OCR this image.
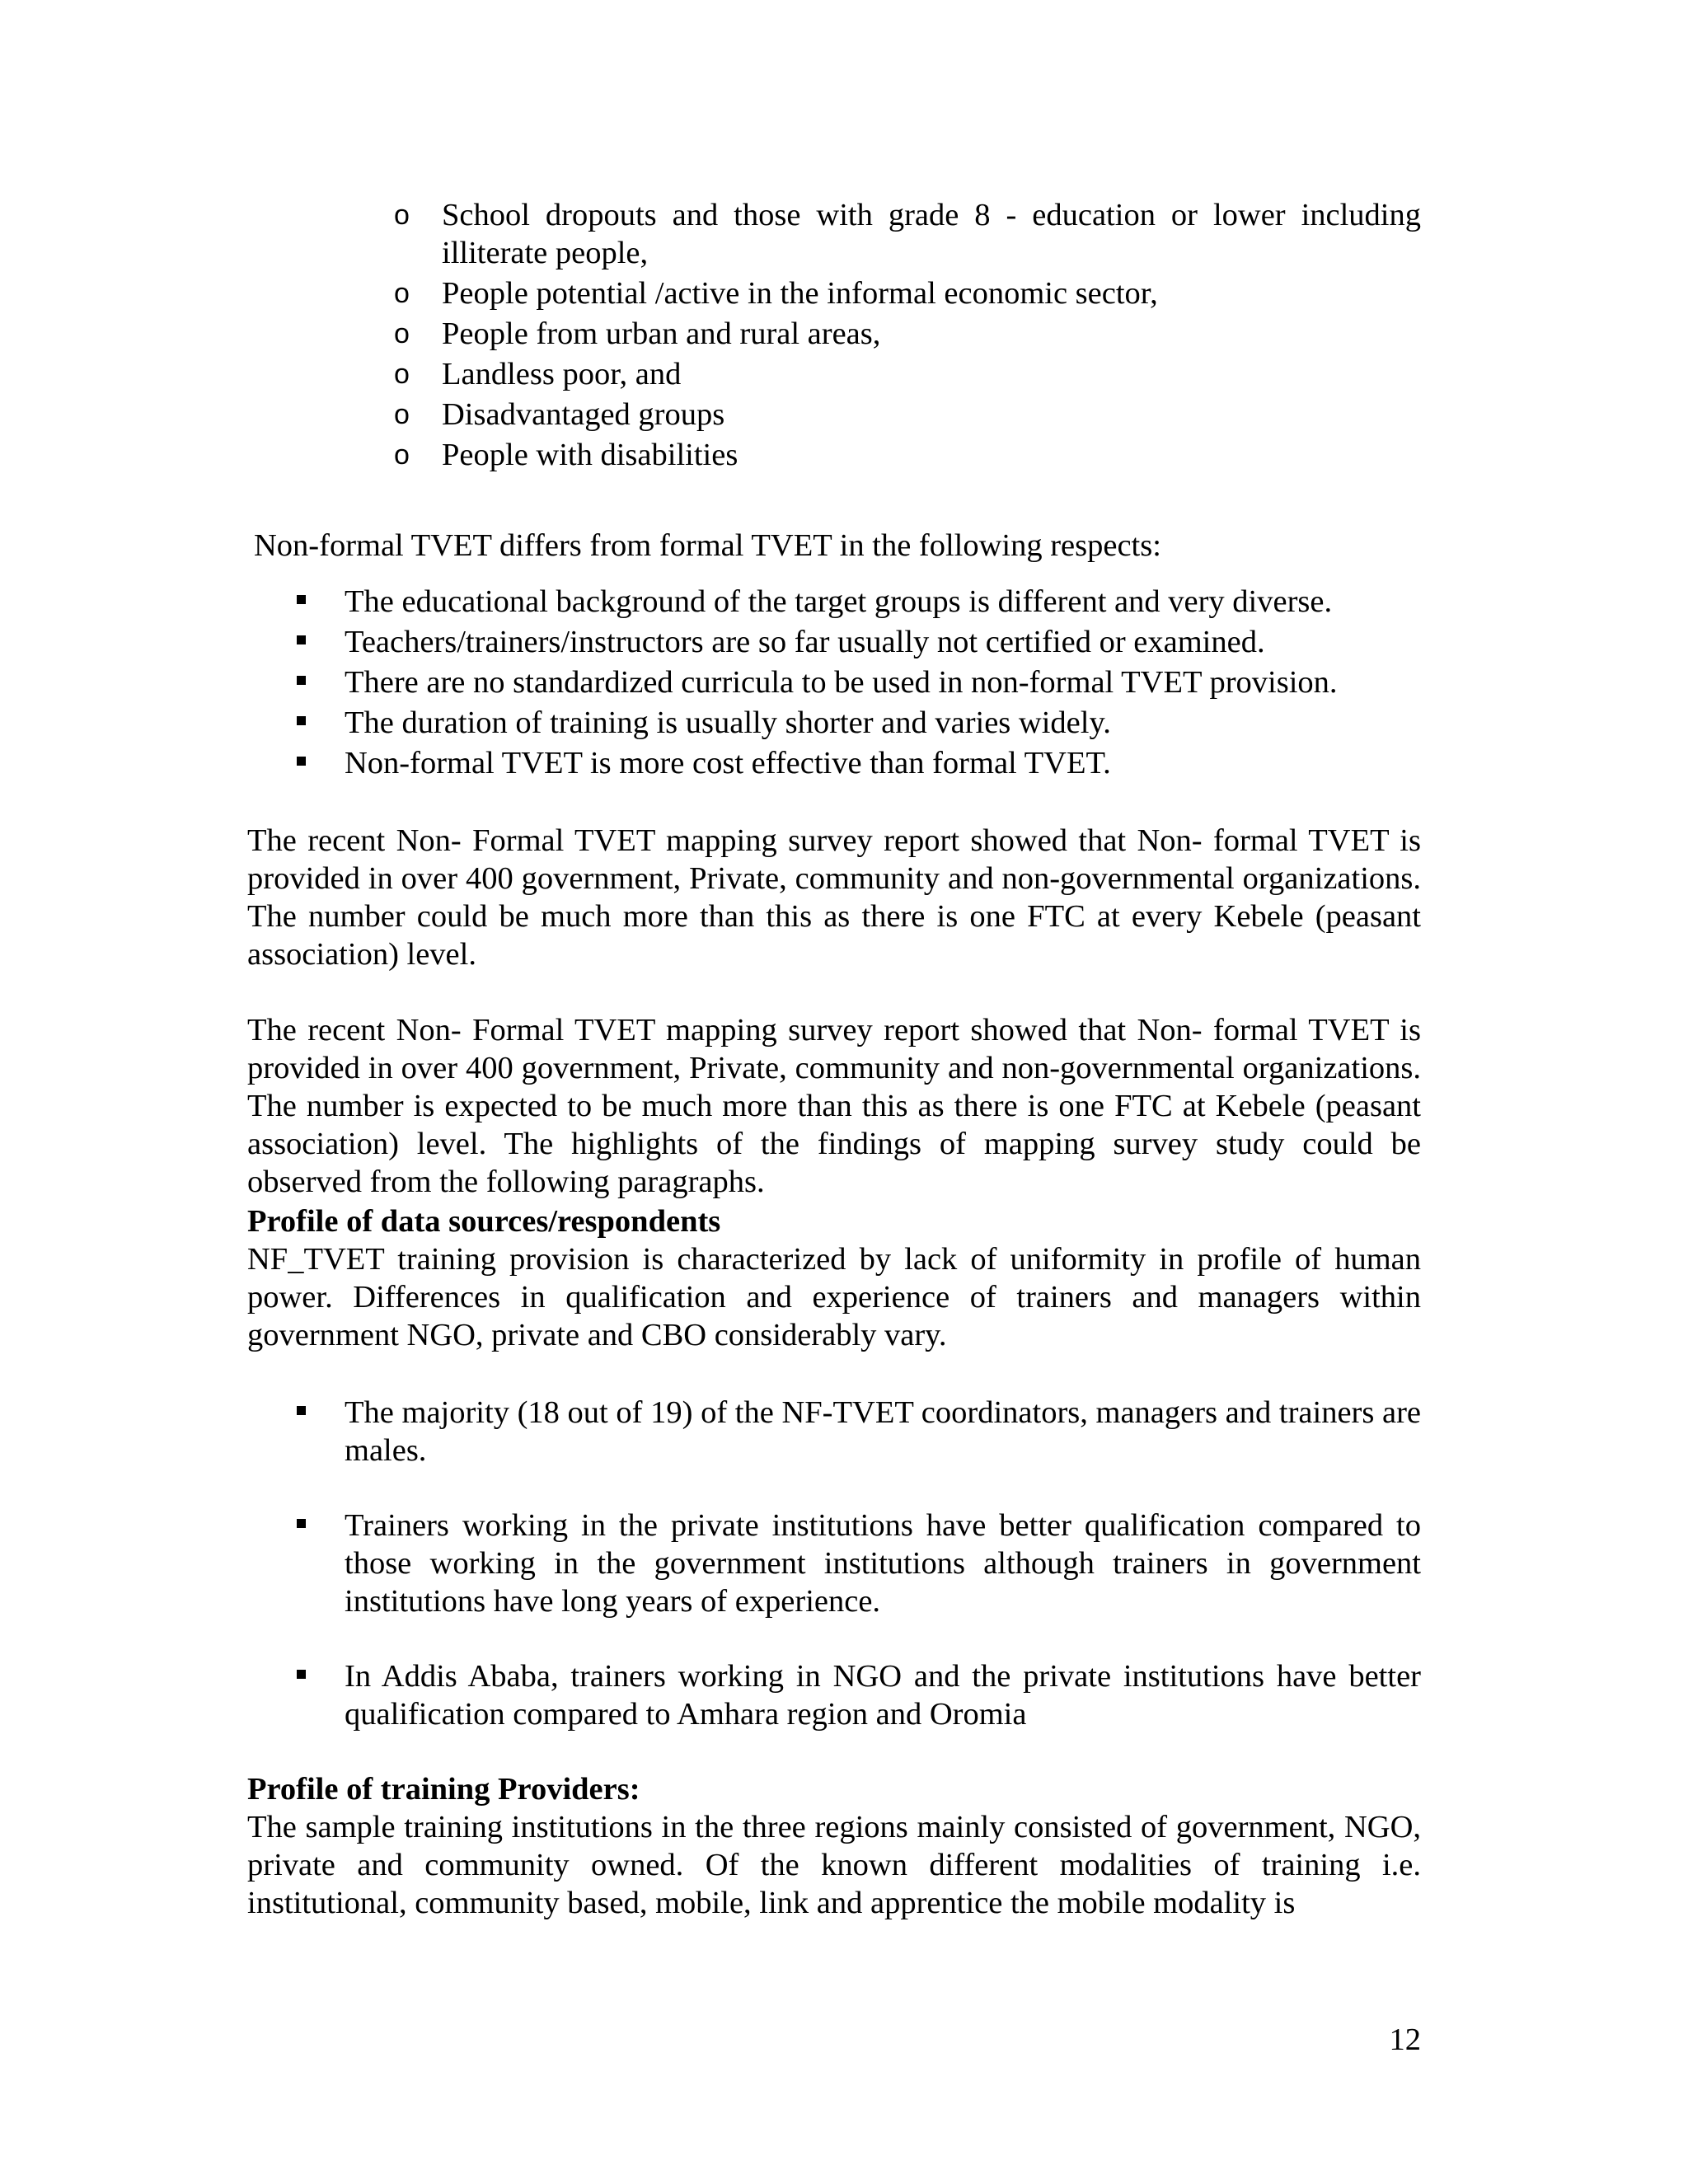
o School dropouts and those with grade 8 - education or lower including illiterate people,
o People potential /active in the informal economic sector,
o People from urban and rural areas,
o Landless poor, and
o Disadvantaged groups
o People with disabilities

Non-formal TVET differs from formal TVET in the following respects:

The educational background of the target groups is different and very diverse.
Teachers/trainers/instructors are so far usually not certified or examined.
There are no standardized curricula to be used in non-formal TVET provision.
The duration of training is usually shorter and varies widely.
Non-formal TVET is more cost effective than formal TVET.

The recent Non- Formal TVET mapping survey report showed that Non- formal TVET is provided in over 400 government, Private, community and non-governmental organizations. The number could be much more than this as there is one FTC at every Kebele (peasant association) level.

The recent Non- Formal TVET mapping survey report showed that Non- formal TVET is provided in over 400 government, Private, community and non-governmental organizations. The number is expected to be much more than this as there is one FTC at Kebele (peasant association) level. The highlights of the findings of mapping survey study could be observed from the following paragraphs.

Profile of data sources/respondents

NF_TVET training provision is characterized by lack of uniformity in profile of human power. Differences in qualification and experience of trainers and managers within government NGO, private and CBO considerably vary.

The majority (18 out of 19) of the NF-TVET coordinators, managers and trainers are males.
Trainers working in the private institutions have better qualification compared to those working in the government institutions although trainers in government institutions have long years of experience.
In Addis Ababa, trainers working in NGO and the private institutions have better qualification compared to Amhara region and Oromia

Profile of training Providers:

The sample training institutions in the three regions mainly consisted of government, NGO, private and community owned. Of the known different modalities of training i.e. institutional, community based, mobile, link and apprentice the mobile modality is

12
